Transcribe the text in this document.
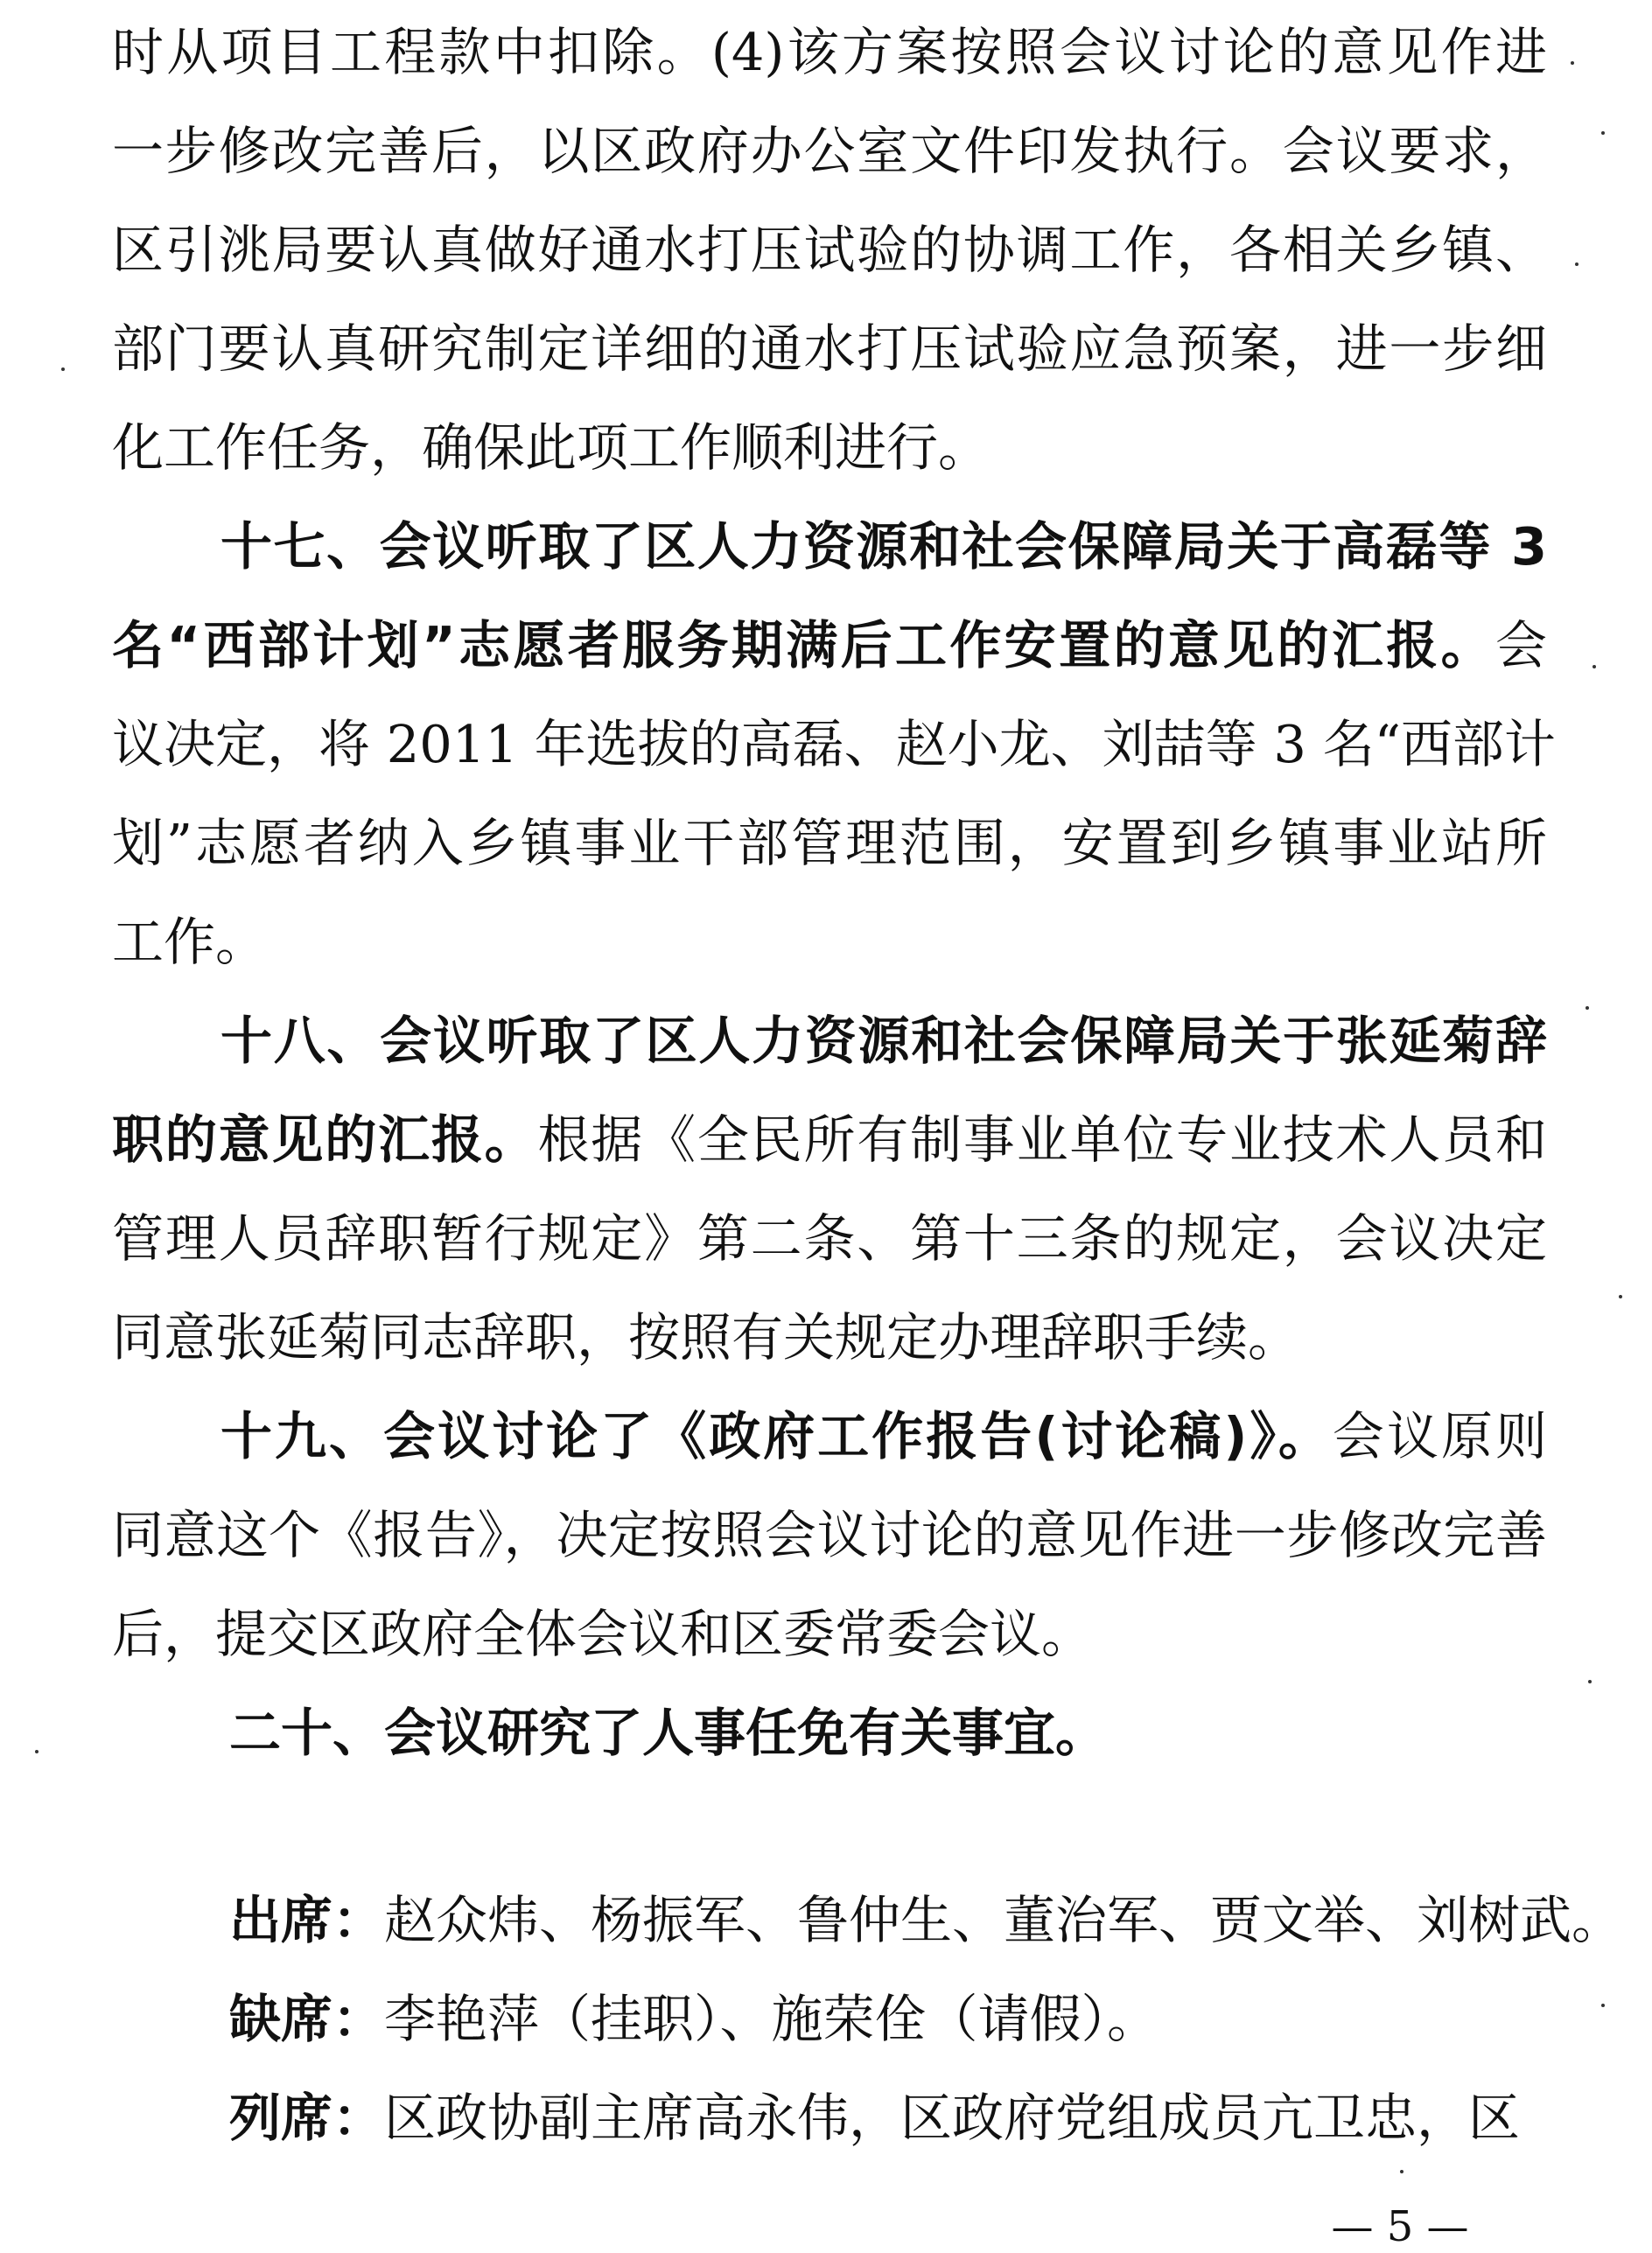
时从项目工程款中扣除。(4)该方案按照会议讨论的意见作进
一步修改完善后，以区政府办公室文件印发执行。会议要求，
区引洮局要认真做好通水打压试验的协调工作，各相关乡镇、
部门要认真研究制定详细的通水打压试验应急预案，进一步细
化工作任务，确保此项工作顺利进行。
十七、会议听取了区人力资源和社会保障局关于高磊等 3
名“西部计划”志愿者服务期满后工作安置的意见的汇报。会
议决定，将 2011 年选拔的高磊、赵小龙、刘喆等 3 名“西部计
划”志愿者纳入乡镇事业干部管理范围，安置到乡镇事业站所
工作。
十八、会议听取了区人力资源和社会保障局关于张延菊辞
职的意见的汇报。根据《全民所有制事业单位专业技术人员和
管理人员辞职暂行规定》第二条、第十三条的规定，会议决定
同意张延菊同志辞职，按照有关规定办理辞职手续。
十九、会议讨论了《政府工作报告(讨论稿)》。会议原则
同意这个《报告》，决定按照会议讨论的意见作进一步修改完善
后，提交区政府全体会议和区委常委会议。
二十、会议研究了人事任免有关事宜。
出席：赵众炜、杨振军、鲁仲生、董治军、贾文举、刘树武。
缺席：李艳萍（挂职）、施荣佺（请假）。
列席：区政协副主席高永伟，区政府党组成员亢卫忠，区
— 5 —
